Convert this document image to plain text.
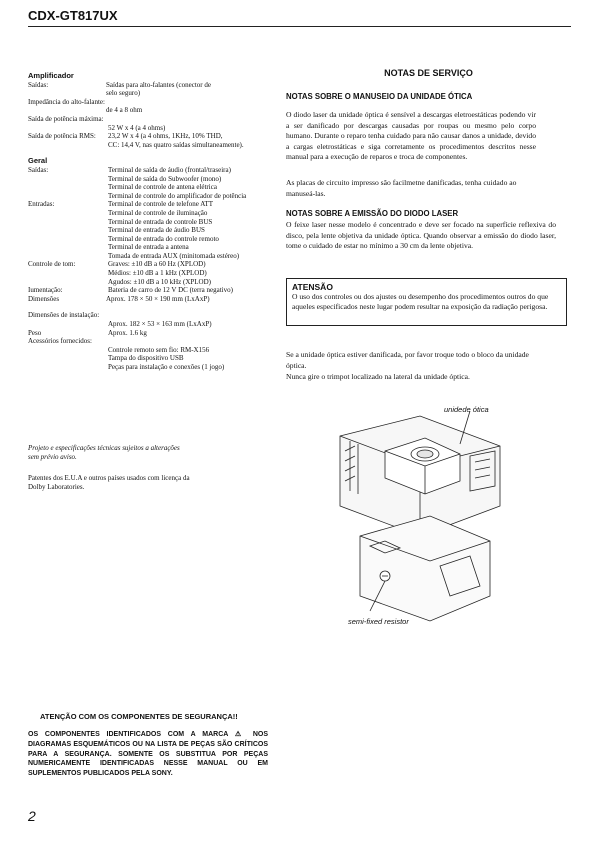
CDX-GT817UX
Amplificador
Saídas:	Saídas para alto-falantes (conector de
selo seguro)
Impedância do alto-falante:
de 4 a 8 ohm
Saída de potência máxima:
52 W x 4 (a 4 ohms)
Saída de potência RMS: 23,2 W x 4 (a 4 ohms, 1KHz, 10% THD,
CC: 14,4 V, nas quatro saídas simultaneamente).
Geral
Saídas:	Terminal de saída de áudio (frontal/traseira)
Terminal de saída do Subwoofer (mono)
Terminal de controle de antena elétrica
Terminal de controle do amplificador de potência
Entradas:	Terminal de controle de telefone ATT
Terminal de controle de iluminação
Terminal de entrada de controle BUS
Terminal de entrada de áudio BUS
Terminal de entrada do controle remoto
Terminal de entrada a antena
Tomada de entrada AUX (minitomada estéreo)
Controle de tom:	Graves: ±10 dB a 60 Hz (XPLOD)
Médios: ±10 dB a 1 kHz (XPLOD)
Agudos: ±10 dB a 10 kHz (XPLOD)
Iumentação:	Bateria de carro de 12 V DC (terra negativo)
Dimensões	Aprox. 178 × 50 × 190 mm (LxAxP)
Dimensões de instalação:
Aprox. 182 × 53 × 163 mm (LxAxP)
Peso	Aprox. 1.6 kg
Acessórios fornecidos:
Controle remoto sem fio: RM-X156
Tampa do dispositivo USB
Peças para instalação e conexões (1 jogo)
Projeto e especificações técnicas sujeitos a alterações sem prévio aviso.
Patentes dos E.U.A e outros países usados com licença da Dolby Laboratories.
NOTAS DE SERVIÇO
NOTAS SOBRE O MANUSEIO DA UNIDADE ÓTICA
O diodo laser da unidade óptica é sensível a descargas eletroestáticas podendo vir a ser danificado por descargas causadas por roupas ou mesmo pelo corpo humano. Durante o reparo tenha cuidado para não causar danos a unidade, devido a cargas eletrostáticas e siga corretamente os procedimentos descritos nesse manual para a execução de reparos e troca de componentes.
As placas de circuito impresso são facilmetne danificadas, tenha cuidado ao manuseá-las.
NOTAS SOBRE A EMISSÃO DO DIODO LASER
O feixe laser nesse modelo é concentrado e deve ser focado na superfície reflexiva do disco, pela lente objetiva da unidade óptica. Quando observar a emissão do diodo laser, tome o cuidado de estar no mínimo a 30 cm da lente objetiva.
ATENSÃO
O uso dos controles ou dos ajustes ou desempenho dos procedimentos outros do que aqueles especificados neste lugar podem resultar na exposição da radiação perigosa.
Se a unidade óptica estiver danificada, por favor troque todo o bloco da unidade óptica.
Nunca gire o trimpot localizado na lateral da unidade óptica.
unidede ótica
semi-fixed resistor
ATENÇÃO COM OS COMPONENTES DE SEGURANÇA!!
OS COMPONENTES IDENTIFICADOS COM A MARCA ⚠ NOS DIAGRAMAS ESQUEMÁTICOS OU NA LISTA DE PEÇAS SÃO CRÍTICOS PARA A SEGURANÇA. SOMENTE OS SUBSTITUA POR PEÇAS NUMERICAMENTE IDENTIFICADAS NESSE MANUAL OU EM SUPLEMENTOS PUBLICADOS PELA SONY.
2
